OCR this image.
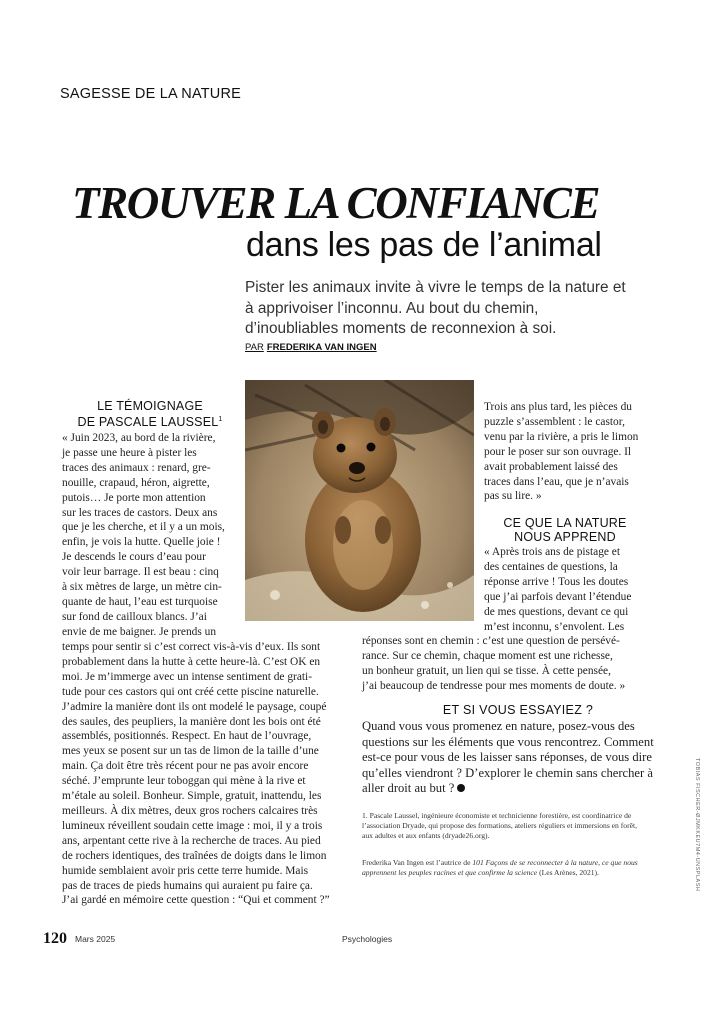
SAGESSE DE LA NATURE
TROUVER LA CONFIANCE
dans les pas de l’animal

Pister les animaux invite à vivre le temps de la nature et à apprivoiser l’inconnu. Au bout du chemin, d’inoubliables moments de reconnexion à soi.

PAR FREDERIKA VAN INGEN
LE TÉMOIGNAGE
DE PASCALE LAUSSEL$^1$
« Juin 2023, au bord de la rivière,
je passe une heure à pister les
traces des animaux : renard, gre-
nouille, crapaud, héron, aigrette,
putois… Je porte mon attention
sur les traces de castors. Deux ans
que je les cherche, et il y a un mois,
enfin, je vois la hutte. Quelle joie !
Je descends le cours d’eau pour
voir leur barrage. Il est beau : cinq
à six mètres de large, un mètre cin-
quante de haut, l’eau est turquoise
sur fond de cailloux blancs. J’ai
envie de me baigner. Je prends un
temps pour sentir si c’est correct vis-à-vis d’eux. Ils sont
probablement dans la hutte à cette heure-là. C’est OK en
moi. Je m’immerge avec un intense sentiment de grati-
tude pour ces castors qui ont créé cette piscine naturelle.
J’admire la manière dont ils ont modelé le paysage, coupé
des saules, des peupliers, la manière dont les bois ont été
assemblés, positionnés. Respect. En haut de l’ouvrage,
mes yeux se posent sur un tas de limon de la taille d’une
main. Ça doit être très récent pour ne pas avoir encore
séché. J’emprunte leur toboggan qui mène à la rive et
m’étale au soleil. Bonheur. Simple, gratuit, inattendu, les
meilleurs. À dix mètres, deux gros rochers calcaires très
lumineux réveillent soudain cette image : moi, il y a trois
ans, arpentant cette rive à la recherche de traces. Au pied
de rochers identiques, des traînées de doigts dans le limon
humide semblaient avoir pris cette terre humide. Mais
pas de traces de pieds humains qui auraient pu faire ça.
J’ai gardé en mémoire cette question : “Qui et comment ?”
Trois ans plus tard, les pièces du
puzzle s’assemblent : le castor,
venu par la rivière, a pris le limon
pour le poser sur son ouvrage. Il
avait probablement laissé des
traces dans l’eau, que je n’avais
pas su lire. »
CE QUE LA NATURE
NOUS APPREND
« Après trois ans de pistage et
des centaines de questions, la
réponse arrive ! Tous les doutes
que j’ai parfois devant l’étendue
de mes questions, devant ce qui
m’est inconnu, s’envolent. Les
réponses sont en chemin : c’est une question de persévé-
rance. Sur ce chemin, chaque moment est une richesse,
un bonheur gratuit, un lien qui se tisse. À cette pensée,
j’ai beaucoup de tendresse pour mes moments de doute. »
ET SI VOUS ESSAYIEZ ?
Quand vous vous promenez en nature, posez-vous des questions sur les éléments que vous rencontrez. Comment est-ce pour vous de les laisser sans réponses, de vous dire qu’elles viendront ? D’explorer le chemin sans chercher à aller droit au but ?

1. Pascale Laussel, ingénieure économiste et technicienne forestière, est coordinatrice de l’association Dryade, qui propose des formations, ateliers réguliers et immersions en forêt, aux adultes et aux enfants (dryade26.org).

Frederika Van Ingen est l’autrice de 101 Façons de se reconnecter à la nature, ce que nous apprennent les peuples racines et que confirme la science (Les Arènes, 2021).	TOBIAS FISCHER-ØJMKKEU7M4-UNSPLASH
120 Mars 2025	Psychologies
